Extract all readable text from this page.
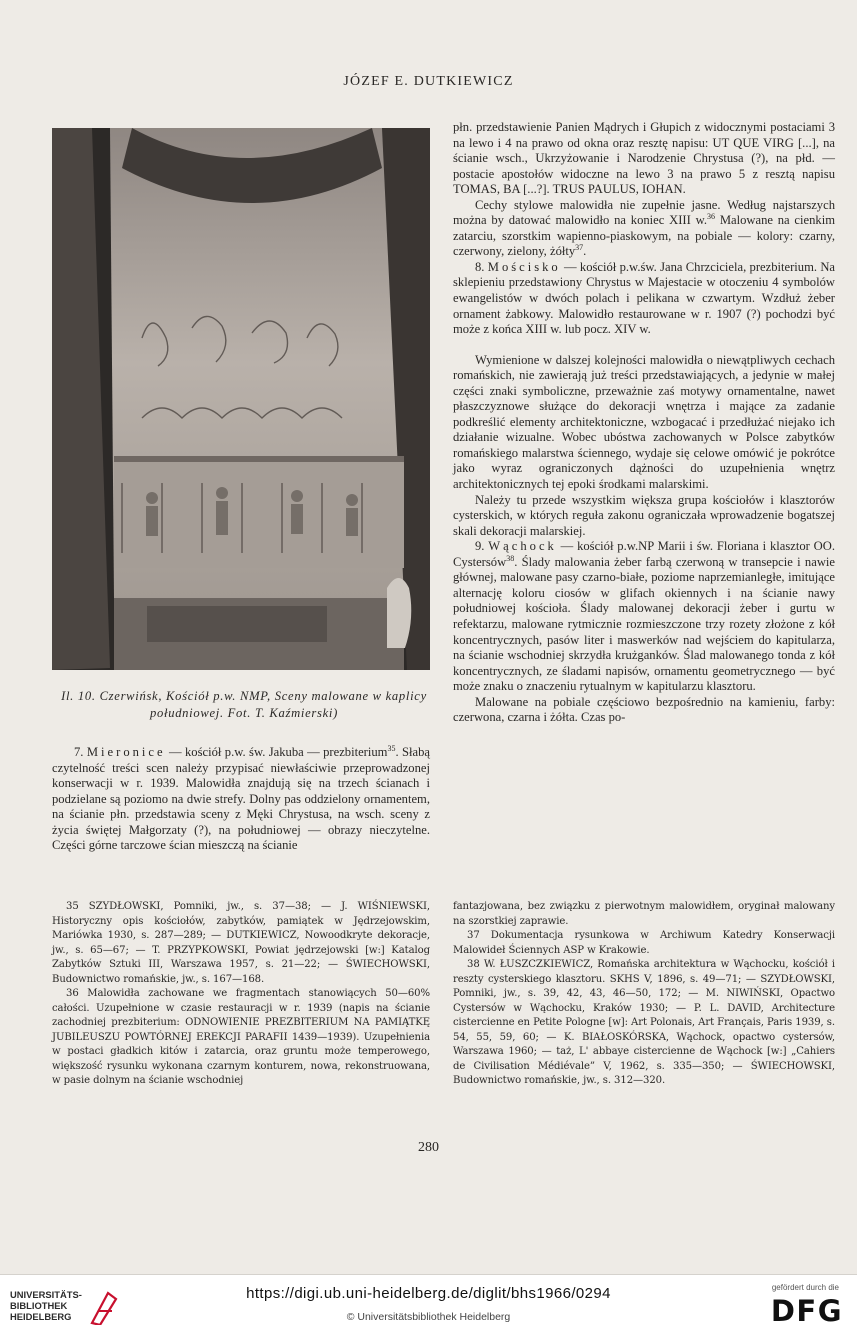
JÓZEF E. DUTKIEWICZ
Il. 10. Czerwińsk, Kościół p.w. NMP, Sceny malowane w kaplicy południowej. Fot. T. Kaźmierski)

płn. przedstawienie Panien Mądrych i Głupich z widocznymi postaciami 3 na lewo i 4 na prawo od okna oraz resztę napisu: UT QUE VIRG [...], na ścianie wsch., Ukrzyżowanie i Narodzenie Chrystusa (?), na płd. — postacie apostołów widoczne na lewo 3 na prawo 5 z resztą napisu TOMAS, BA [...?]. TRUS PAULUS, IOHAN.

Cechy stylowe malowidła nie zupełnie jasne. Według najstarszych można by datować malowidło na koniec XIII w.$^{36}$ Malowane na cienkim zatarciu, szorstkim wapienno-piaskowym, na pobiale — kolory: czarny, czerwony, zielony, żółty$^{37}$.

8. Mościsko — kościół p.w.św. Jana Chrzciciela, prezbiterium. Na sklepieniu przedstawiony Chrystus w Majestacie w otoczeniu 4 symbolów ewangelistów w dwóch polach i pelikana w czwartym. Wzdłuż żeber ornament żabkowy. Malowidło restaurowane w r. 1907 (?) pochodzi być może z końca XIII w. lub pocz. XIV w.

Wymienione w dalszej kolejności malowidła o niewątpliwych cechach romańskich, nie zawierają już treści przedstawiających, a jedynie w małej części znaki symboliczne, przeważnie zaś motywy ornamentalne, nawet płaszczyznowe służące do dekoracji wnętrza i mające za zadanie podkreślić elementy architektoniczne, wzbogacać i przedłużać niejako ich działanie wizualne. Wobec ubóstwa zachowanych w Polsce zabytków romańskiego malarstwa ściennego, wydaje się celowe omówić je pokrótce jako wyraz ograniczonych dążności do uzupełnienia wnętrz architektonicznych tej epoki środkami malarskimi.

Należy tu przede wszystkim większa grupa kościołów i klasztorów cysterskich, w których reguła zakonu ograniczała wprowadzenie bogatszej skali dekoracji malarskiej.

9. Wąchock — kościół p.w.NP Marii i św. Floriana i klasztor OO. Cystersów$^{38}$. Ślady malowania żeber farbą czerwoną w transepcie i nawie głównej, malowane pasy czarno-białe, poziome naprzemianległe, imitujące alternację koloru ciosów w glifach okiennych i na ścianie nawy południowej kościoła. Ślady malowanej dekoracji żeber i gurtu w refektarzu, malowane rytmicznie rozmieszczone trzy rozety złożone z kół koncentrycznych, pasów liter i maswerków nad wejściem do kapitularza, na ścianie wschodniej skrzydła krużganków. Ślad malowanego tonda z kół koncentrycznych, ze śladami napisów, ornamentu geometrycznego — być może znaku o znaczeniu rytualnym w kapitularzu klasztoru.

Malowane na pobiale częściowo bezpośrednio na kamieniu, farby: czerwona, czarna i żółta. Czas po-

7. Mieronice — kościół p.w. św. Jakuba — prezbiterium$^{35}$. Słabą czytelność treści scen należy przypisać niewłaściwie przeprowadzonej konserwacji w r. 1939. Malowidła znajdują się na trzech ścianach i podzielane są poziomo na dwie strefy. Dolny pas oddzielony ornamentem, na ścianie płn. przedstawia sceny z Męki Chrystusa, na wsch. sceny z życia świętej Małgorzaty (?), na południowej — obrazy nieczytelne. Części górne tarczowe ścian mieszczą na ścianie

35 SZYDŁOWSKI, Pomniki, jw., s. 37—38; — J. WIŚNIEWSKI, Historyczny opis kościołów, zabytków, pamiątek w Jędrzejowskim, Mariówka 1930, s. 287—289; — DUTKIEWICZ, Nowoodkryte dekoracje, jw., s. 65—67; — T. PRZYPKOWSKI, Powiat jędrzejowski [w:] Katalog Zabytków Sztuki III, Warszawa 1957, s. 21—22; — ŚWIECHOWSKI, Budownictwo romańskie, jw., s. 167—168.

36 Malowidła zachowane we fragmentach stanowiących 50—60% całości. Uzupełnione w czasie restauracji w r. 1939 (napis na ścianie zachodniej prezbiterium: ODNOWIENIE PREZBITERIUM NA PAMIĄTKĘ JUBILEUSZU POWTÓRNEJ EREKCJI PARAFII 1439—1939). Uzupełnienia w postaci gładkich kitów i zatarcia, oraz gruntu może temperowego, większość rysunku wykonana czarnym konturem, nowa, rekonstruowana, w pasie dolnym na ścianie wschodniej

fantazjowana, bez związku z pierwotnym malowidłem, oryginał malowany na szorstkiej zaprawie.

37 Dokumentacja rysunkowa w Archiwum Katedry Konserwacji Malowideł Ściennych ASP w Krakowie.

38 W. ŁUSZCZKIEWICZ, Romańska architektura w Wąchocku, kościół i reszty cysterskiego klasztoru. SKHS V, 1896, s. 49—71; — SZYDŁOWSKI, Pomniki, jw., s. 39, 42, 43, 46—50, 172; — M. NIWIŃSKI, Opactwo Cystersów w Wąchocku, Kraków 1930; — P. L. DAVID, Architecture cistercienne en Petite Pologne [w]: Art Polonais, Art Français, Paris 1939, s. 54, 55, 59, 60; — K. BIAŁOSKÓRSKA, Wąchock, opactwo cystersów, Warszawa 1960; — taż, L' abbaye cistercienne de Wąchock [w:] „Cahiers de Civilisation Médiévale” V, 1962, s. 335—350; — ŚWIECHOWSKI, Budownictwo romańskie, jw., s. 312—320.

280
UNIVERSITÄTS-
BIBLIOTHEK
HEIDELBERG
https://digi.ub.uni-heidelberg.de/diglit/bhs1966/0294
© Universitätsbibliothek Heidelberg
gefördert durch die
DFG
